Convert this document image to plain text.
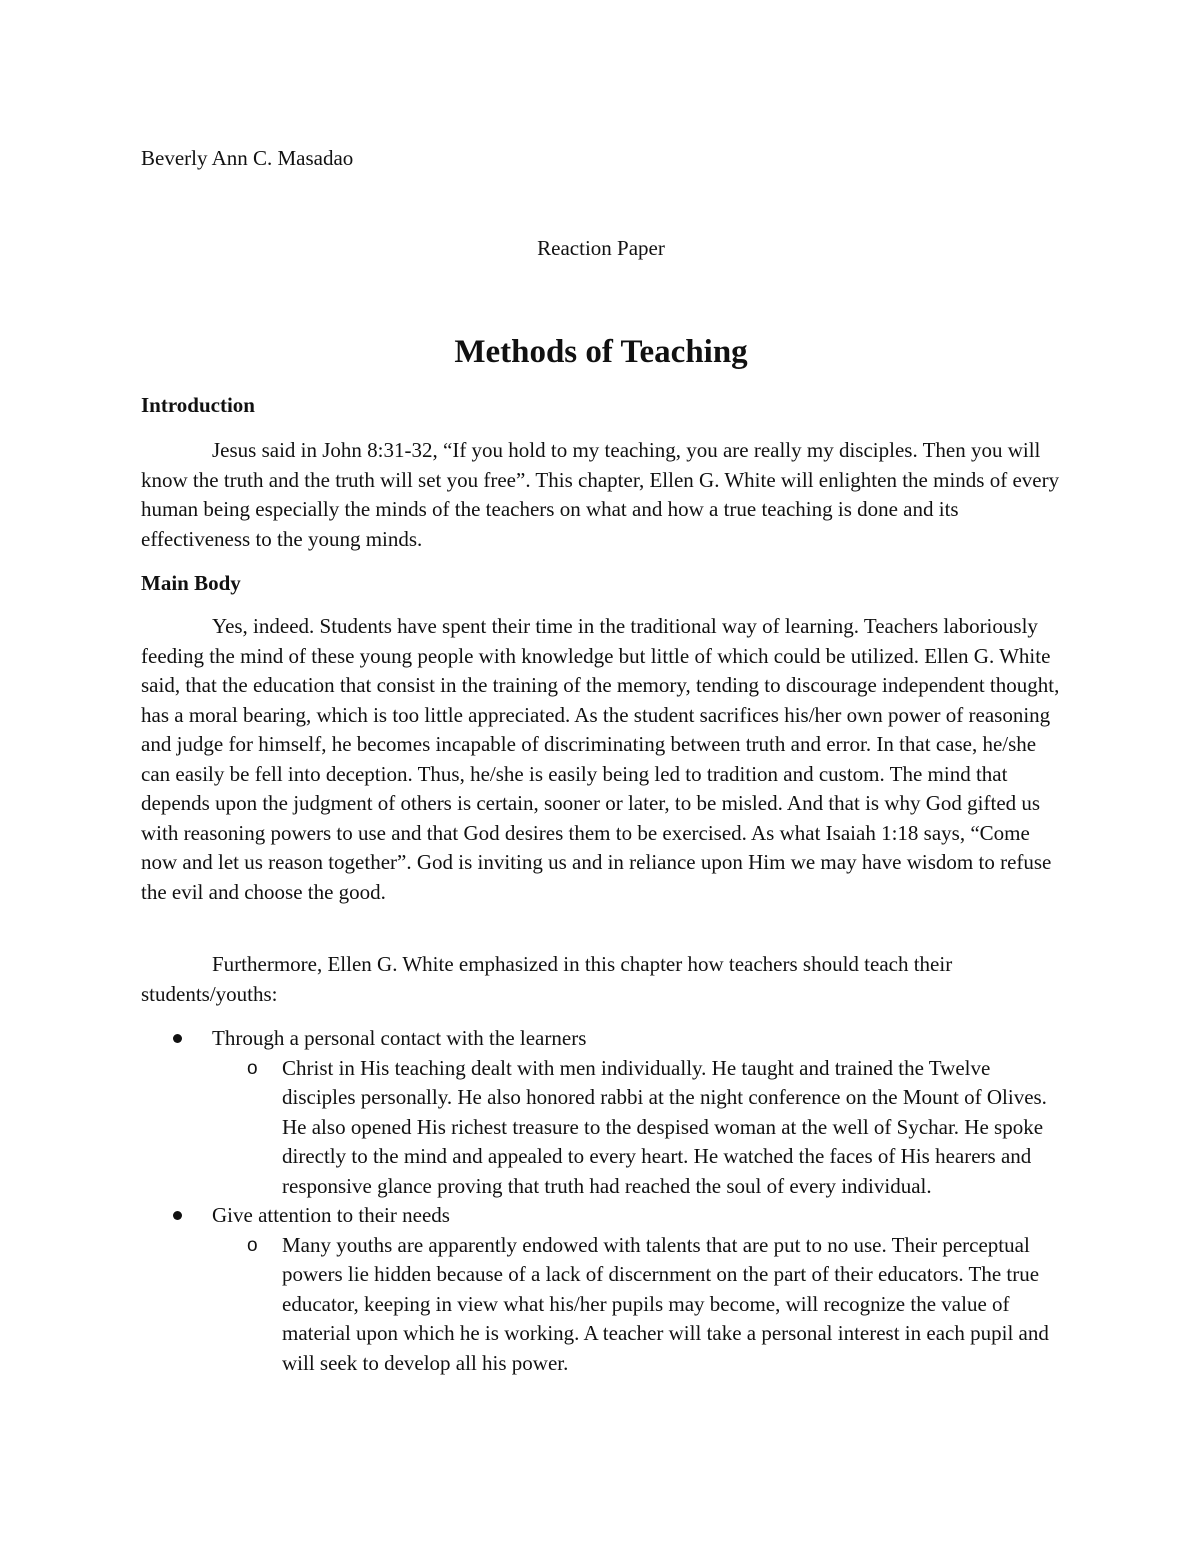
Beverly Ann C. Masadao
Reaction Paper
Methods of Teaching
Introduction

Jesus said in John 8:31-32, “If you hold to my teaching, you are really my disciples. Then you will know the truth and the truth will set you free”. This chapter, Ellen G. White will enlighten the minds of every human being especially the minds of the teachers on what and how a true teaching is done and its effectiveness to the young minds.

Main Body

Yes, indeed. Students have spent their time in the traditional way of learning. Teachers laboriously feeding the mind of these young people with knowledge but little of which could be utilized. Ellen G. White said, that the education that consist in the training of the memory, tending to discourage independent thought, has a moral bearing, which is too little appreciated. As the student sacrifices his/her own power of reasoning and judge for himself, he becomes incapable of discriminating between truth and error. In that case, he/she can easily be fell into deception. Thus, he/she is easily being led to tradition and custom. The mind that depends upon the judgment of others is certain, sooner or later, to be misled. And that is why God gifted us with reasoning powers to use and that God desires them to be exercised. As what Isaiah 1:18 says, “Come now and let us reason together”. God is inviting us and in reliance upon Him we may have wisdom to refuse the evil and choose the good.

Furthermore, Ellen G. White emphasized in this chapter how teachers should teach their students/youths:

Through a personal contact with the learners
o Christ in His teaching dealt with men individually. He taught and trained the Twelve disciples personally. He also honored rabbi at the night conference on the Mount of Olives. He also opened His richest treasure to the despised woman at the well of Sychar. He spoke directly to the mind and appealed to every heart. He watched the faces of His hearers and responsive glance proving that truth had reached the soul of every individual.
Give attention to their needs
o Many youths are apparently endowed with talents that are put to no use. Their perceptual powers lie hidden because of a lack of discernment on the part of their educators. The true educator, keeping in view what his/her pupils may become, will recognize the value of material upon which he is working. A teacher will take a personal interest in each pupil and will seek to develop all his power.
